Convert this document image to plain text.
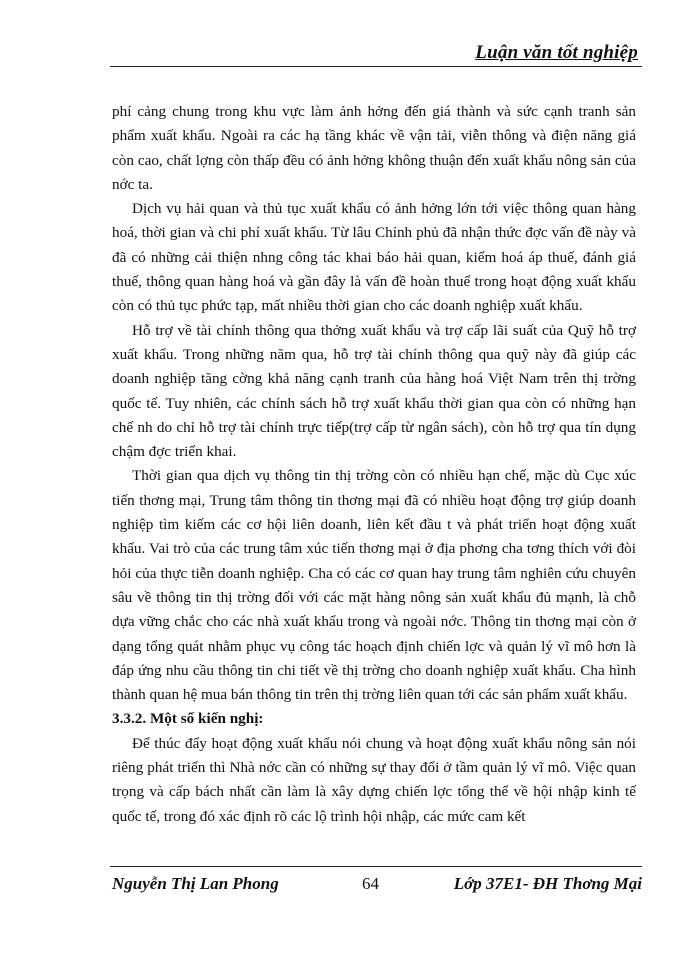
Luận văn tốt nghiệp

phí cảng chung trong khu vực làm ảnh hởng đến giá thành và sức cạnh tranh sản phẩm xuất khẩu. Ngoài ra các hạ tầng khác về vận tải, viễn thông và điện năng giá còn cao, chất lợng còn thấp đều có ảnh hởng không thuận đến xuất khẩu nông sản của nớc ta.

Dịch vụ hải quan và thủ tục xuất khẩu có ảnh hởng lớn tới việc thông quan hàng hoá, thời gian và chi phí xuất khẩu. Từ lâu Chính phủ đã nhận thức đợc vấn đề này và đã có những cải thiện nhng công tác khai báo hải quan, kiểm hoá áp thuế, đánh giá thuế, thông quan hàng hoá và gần đây là vấn đề hoàn thuế trong hoạt động xuất khẩu còn có thủ tục phức tạp, mất nhiều thời gian cho các doanh nghiệp xuất khẩu.

Hỗ trợ về tài chính thông qua thởng xuất khẩu và trợ cấp lãi suất của Quỹ hỗ trợ xuất khẩu. Trong những năm qua, hỗ trợ tài chính thông qua quỹ này đã giúp các doanh nghiệp tăng cờng khả năng cạnh tranh của hàng hoá Việt Nam trên thị trờng quốc tế. Tuy nhiên, các chính sách hỗ trợ xuất khẩu thời gian qua còn có những hạn chế nh do chỉ hỗ trợ tài chính trực tiếp(trợ cấp từ ngân sách), còn hỗ trợ qua tín dụng chậm đợc triển khai.

Thời gian qua dịch vụ thông tin thị trờng còn có nhiều hạn chế, mặc dù Cục xúc tiến thơng mại, Trung tâm thông tin thơng mại đã có nhiều hoạt động trợ giúp doanh nghiệp tìm kiếm các cơ hội liên doanh, liên kết đầu t và phát triển hoạt động xuất khẩu. Vai trò của các trung tâm xúc tiến thơng mại ở địa phơng cha tơng thích với đòi hỏi của thực tiễn doanh nghiệp. Cha có các cơ quan hay trung tâm nghiên cứu chuyên sâu về thông tin thị trờng đối với các mặt hàng nông sản xuất khẩu đủ mạnh, là chỗ dựa vững chắc cho các nhà xuất khẩu trong và ngoài nớc. Thông tin thơng mại còn ở dạng tổng quát nhằm phục vụ công tác hoạch định chiến lợc và quản lý vĩ mô hơn là đáp ứng nhu cầu thông tin chi tiết về thị trờng cho doanh nghiệp xuất khẩu. Cha hình thành quan hệ mua bán thông tin trên thị trờng liên quan tới các sản phẩm xuất khẩu.

3.3.2. Một số kiến nghị:

Để thúc đẩy hoạt động xuất khẩu nói chung và hoạt động xuất khẩu nông sản nói riêng phát triển thì Nhà nớc cần có những sự thay đổi ở tầm quản lý vĩ mô. Việc quan trọng và cấp bách nhất cần làm là xây dựng chiến lợc tổng thể về hội nhập kinh tế quốc tế, trong đó xác định rõ các lộ trình hội nhập, các mức cam kết

Nguyễn Thị Lan Phong	64	Lớp 37E1- ĐH Thơng Mại
